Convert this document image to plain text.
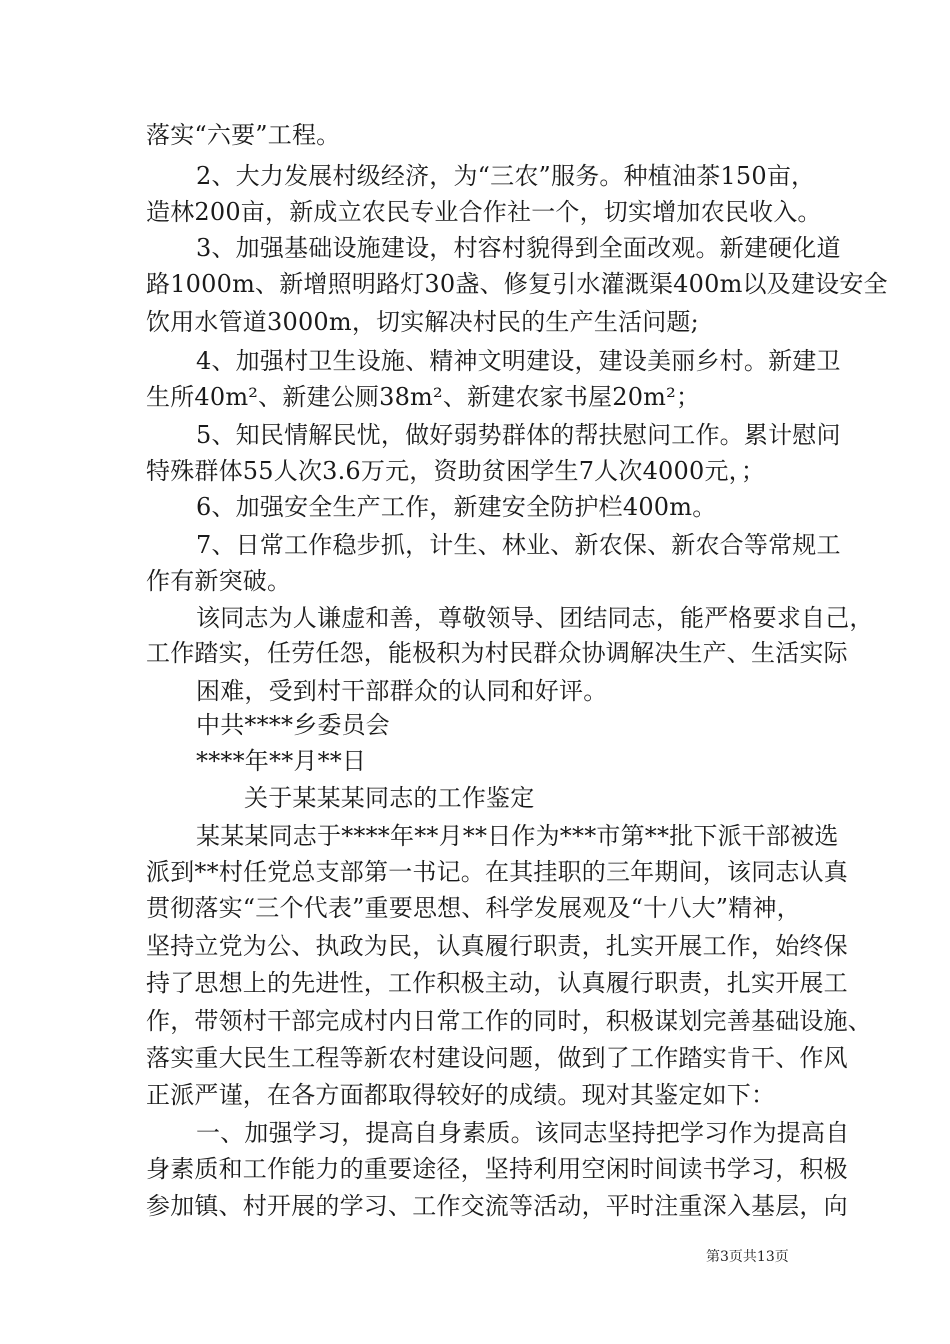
落实“六要”工程。
2、大力发展村级经济，为“三农”服务。种植油茶150亩，
造林200亩，新成立农民专业合作社一个，切实增加农民收入。
3、加强基础设施建设，村容村貌得到全面改观。新建硬化道
路1000m、新增照明路灯30盏、修复引水灌溉渠400m以及建设安全
饮用水管道3000m，切实解决村民的生产生活问题;
4、加强村卫生设施、精神文明建设，建设美丽乡村。新建卫
生所40m²、新建公厕38m²、新建农家书屋20m²；
5、知民情解民忧，做好弱势群体的帮扶慰问工作。累计慰问
特殊群体55人次3.6万元，资助贫困学生7人次4000元，；
6、加强安全生产工作，新建安全防护栏400m。
7、日常工作稳步抓，计生、林业、新农保、新农合等常规工
作有新突破。
该同志为人谦虚和善，尊敬领导、团结同志，能严格要求自己，
工作踏实，任劳任怨，能极积为村民群众协调解决生产、生活实际
困难，受到村干部群众的认同和好评。
中共****乡委员会
****年**月**日
关于某某某同志的工作鉴定
某某某同志于****年**月**日作为***市第**批下派干部被选
派到**村任党总支部第一书记。在其挂职的三年期间，该同志认真
贯彻落实“三个代表”重要思想、科学发展观及“十八大”精神，
坚持立党为公、执政为民，认真履行职责，扎实开展工作，始终保
持了思想上的先进性，工作积极主动，认真履行职责，扎实开展工
作，带领村干部完成村内日常工作的同时，积极谋划完善基础设施、
落实重大民生工程等新农村建设问题，做到了工作踏实肯干、作风
正派严谨，在各方面都取得较好的成绩。现对其鉴定如下：
一、加强学习，提高自身素质。该同志坚持把学习作为提高自
身素质和工作能力的重要途径，坚持利用空闲时间读书学习，积极
参加镇、村开展的学习、工作交流等活动，平时注重深入基层，向
第3页共13页
